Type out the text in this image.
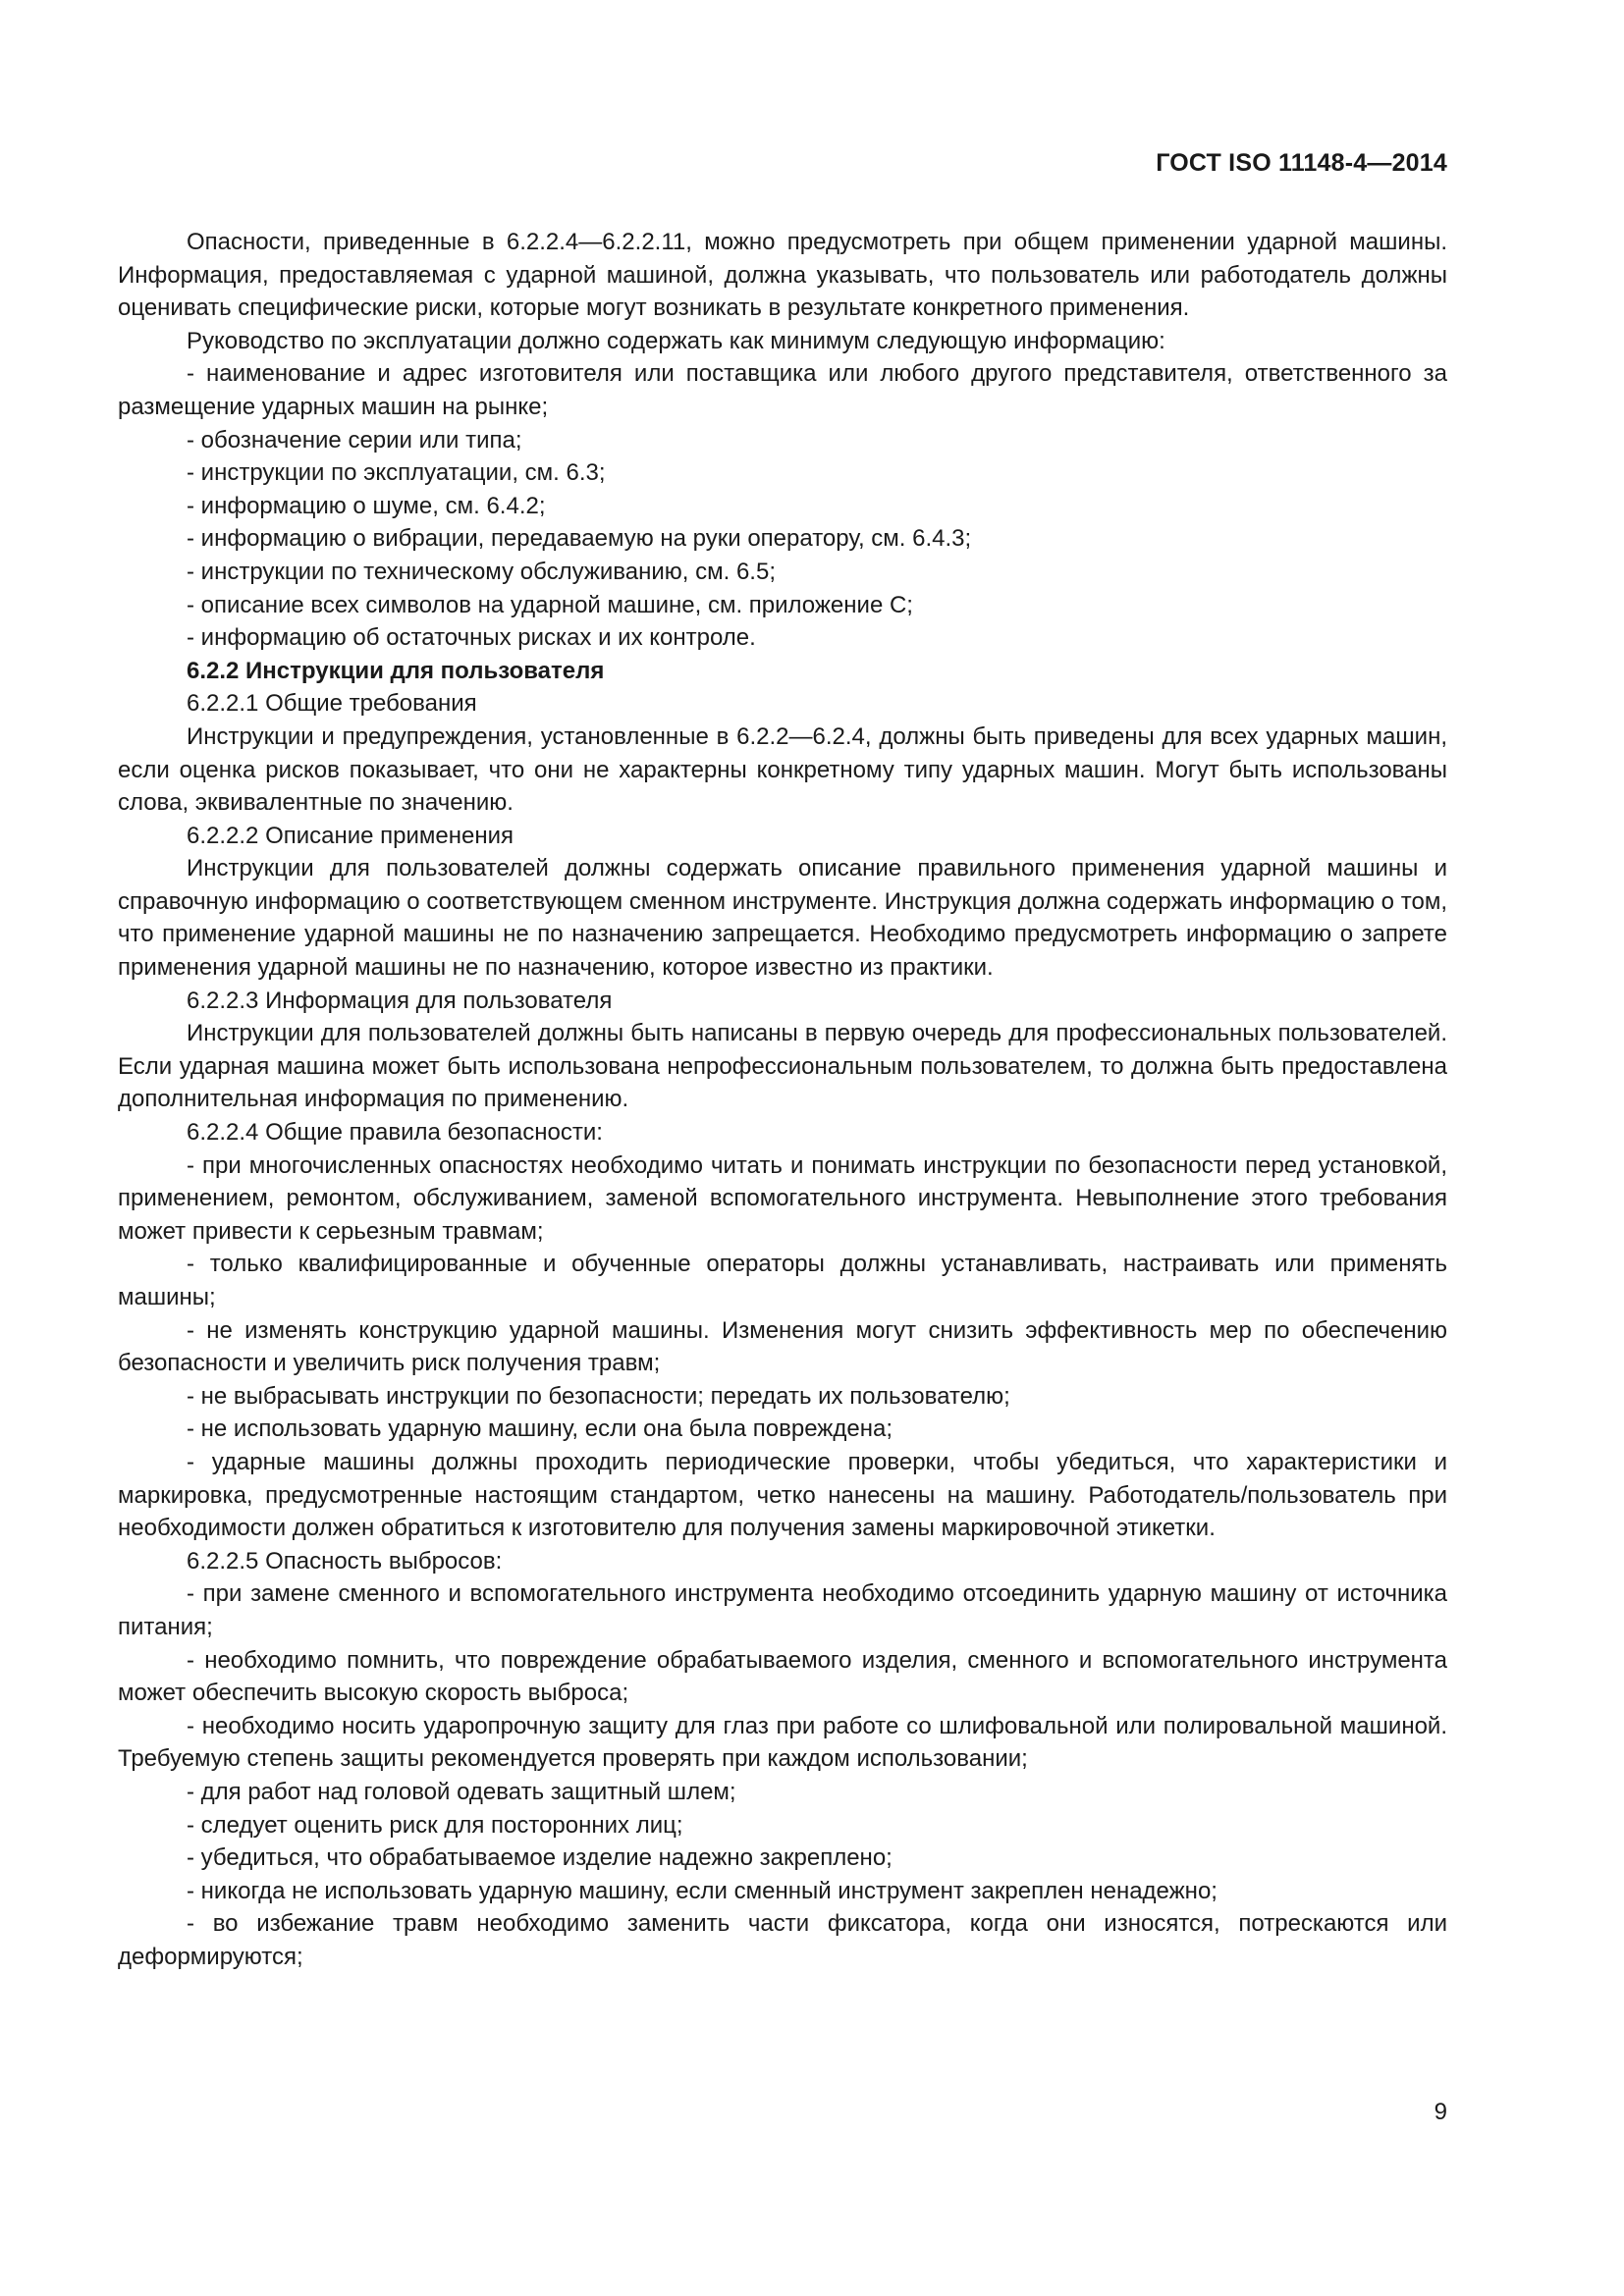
ГОСТ ISO 11148-4—2014

Опасности, приведенные в 6.2.2.4—6.2.2.11, можно предусмотреть при общем применении ударной машины. Информация, предоставляемая с ударной машиной, должна указывать, что пользователь или работодатель должны оценивать специфические риски, которые могут возникать в результате конкретного применения.

Руководство по эксплуатации должно содержать как минимум следующую информацию:

- наименование и адрес изготовителя или поставщика или любого другого представителя, ответственного за размещение ударных машин на рынке;

- обозначение серии или типа;

- инструкции по эксплуатации, см. 6.3;

- информацию о шуме, см. 6.4.2;

- информацию о вибрации, передаваемую на руки оператору, см. 6.4.3;

- инструкции по техническому обслуживанию, см. 6.5;

- описание всех символов на ударной машине, см. приложение С;

- информацию об остаточных рисках и их контроле.

6.2.2 Инструкции для пользователя

6.2.2.1 Общие требования

Инструкции и предупреждения, установленные в 6.2.2—6.2.4, должны быть приведены для всех ударных машин, если оценка рисков показывает, что они не характерны конкретному типу ударных машин. Могут быть использованы слова, эквивалентные по значению.

6.2.2.2 Описание применения

Инструкции для пользователей должны содержать описание правильного применения ударной машины и справочную информацию о соответствующем сменном инструменте. Инструкция должна содержать информацию о том, что применение ударной машины не по назначению запрещается. Необходимо предусмотреть информацию о запрете применения ударной машины не по назначению, которое известно из практики.

6.2.2.3 Информация для пользователя

Инструкции для пользователей должны быть написаны в первую очередь для профессиональных пользователей. Если ударная машина может быть использована непрофессиональным пользователем, то должна быть предоставлена дополнительная информация по применению.

6.2.2.4 Общие правила безопасности:

- при многочисленных опасностях необходимо читать и понимать инструкции по безопасности перед установкой, применением, ремонтом, обслуживанием, заменой вспомогательного инструмента. Невыполнение этого требования может привести к серьезным травмам;

- только квалифицированные и обученные операторы должны устанавливать, настраивать или применять машины;

- не изменять конструкцию ударной машины. Изменения могут снизить эффективность мер по обеспечению безопасности и увеличить риск получения травм;

- не выбрасывать инструкции по безопасности; передать их пользователю;

- не использовать ударную машину, если она была повреждена;

- ударные машины должны проходить периодические проверки, чтобы убедиться, что характеристики и маркировка, предусмотренные настоящим стандартом, четко нанесены на машину. Работодатель/пользователь при необходимости должен обратиться к изготовителю для получения замены маркировочной этикетки.

6.2.2.5 Опасность выбросов:

- при замене сменного и вспомогательного инструмента необходимо отсоединить ударную машину от источника питания;

- необходимо помнить, что повреждение обрабатываемого изделия, сменного и вспомогательного инструмента может обеспечить высокую скорость выброса;

- необходимо носить ударопрочную защиту для глаз при работе со шлифовальной или полировальной машиной. Требуемую степень защиты рекомендуется проверять при каждом использовании;

- для работ над головой одевать защитный шлем;

- следует оценить риск для посторонних лиц;

- убедиться, что обрабатываемое изделие надежно закреплено;

- никогда не использовать ударную машину, если сменный инструмент закреплен ненадежно;

- во избежание травм необходимо заменить части фиксатора, когда они износятся, потрескаются или деформируются;

9
